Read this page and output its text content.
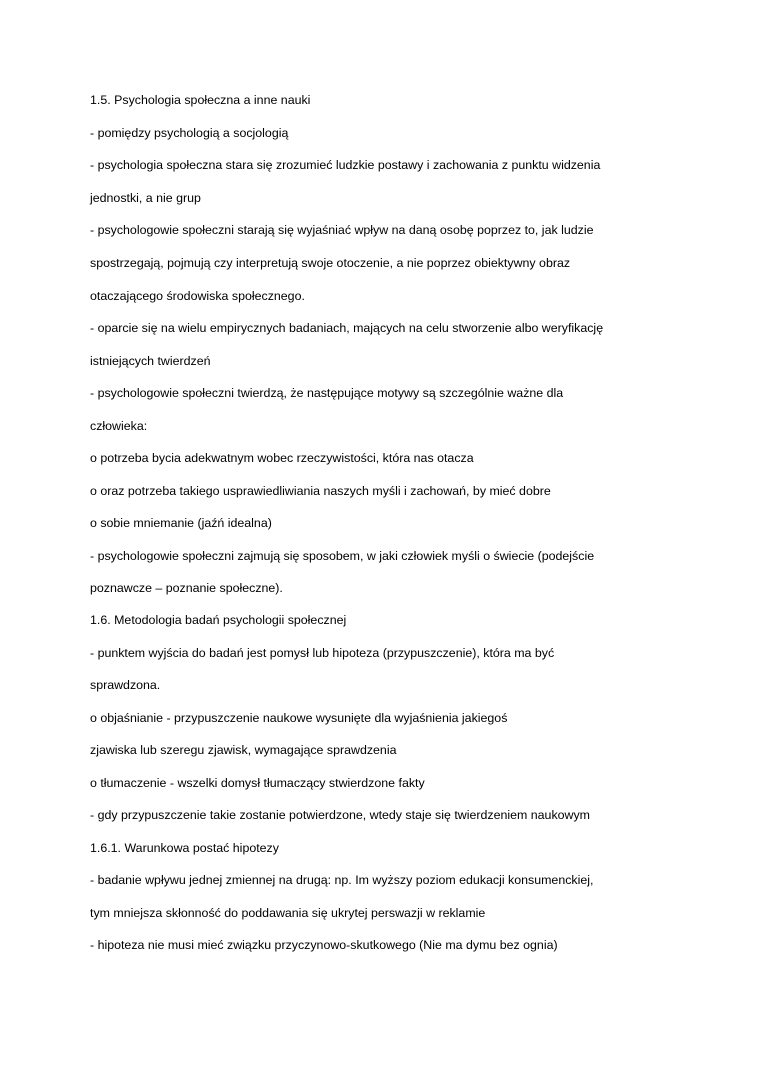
1.5. Psychologia społeczna a inne nauki

- pomiędzy psychologią a socjologią

- psychologia społeczna stara się zrozumieć ludzkie postawy i zachowania z punktu widzenia

jednostki, a nie grup

- psychologowie społeczni starają się wyjaśniać wpływ na daną osobę poprzez to, jak ludzie

spostrzegają, pojmują czy interpretują swoje otoczenie, a nie poprzez obiektywny obraz

otaczającego środowiska społecznego.

- oparcie się na wielu empirycznych badaniach, mających na celu stworzenie albo weryfikację

istniejących twierdzeń

- psychologowie społeczni twierdzą, że następujące motywy są szczególnie ważne dla

człowieka:

o potrzeba bycia adekwatnym wobec rzeczywistości, która nas otacza

o oraz potrzeba takiego usprawiedliwiania naszych myśli i zachowań, by mieć dobre

o sobie mniemanie (jaźń idealna)

- psychologowie społeczni zajmują się sposobem, w jaki człowiek myśli o świecie (podejście

poznawcze – poznanie społeczne).

1.6. Metodologia badań psychologii społecznej

- punktem wyjścia do badań jest pomysł lub hipoteza (przypuszczenie), która ma być

sprawdzona.

o objaśnianie - przypuszczenie naukowe wysunięte dla wyjaśnienia jakiegoś

zjawiska lub szeregu zjawisk, wymagające sprawdzenia

o tłumaczenie - wszelki domysł tłumaczący stwierdzone fakty

- gdy przypuszczenie takie zostanie potwierdzone, wtedy staje się twierdzeniem naukowym

1.6.1. Warunkowa postać hipotezy

- badanie wpływu jednej zmiennej na drugą: np. Im wyższy poziom edukacji konsumenckiej,

tym mniejsza skłonność do poddawania się ukrytej perswazji w reklamie

- hipoteza nie musi mieć związku przyczynowo-skutkowego (Nie ma dymu bez ognia)
